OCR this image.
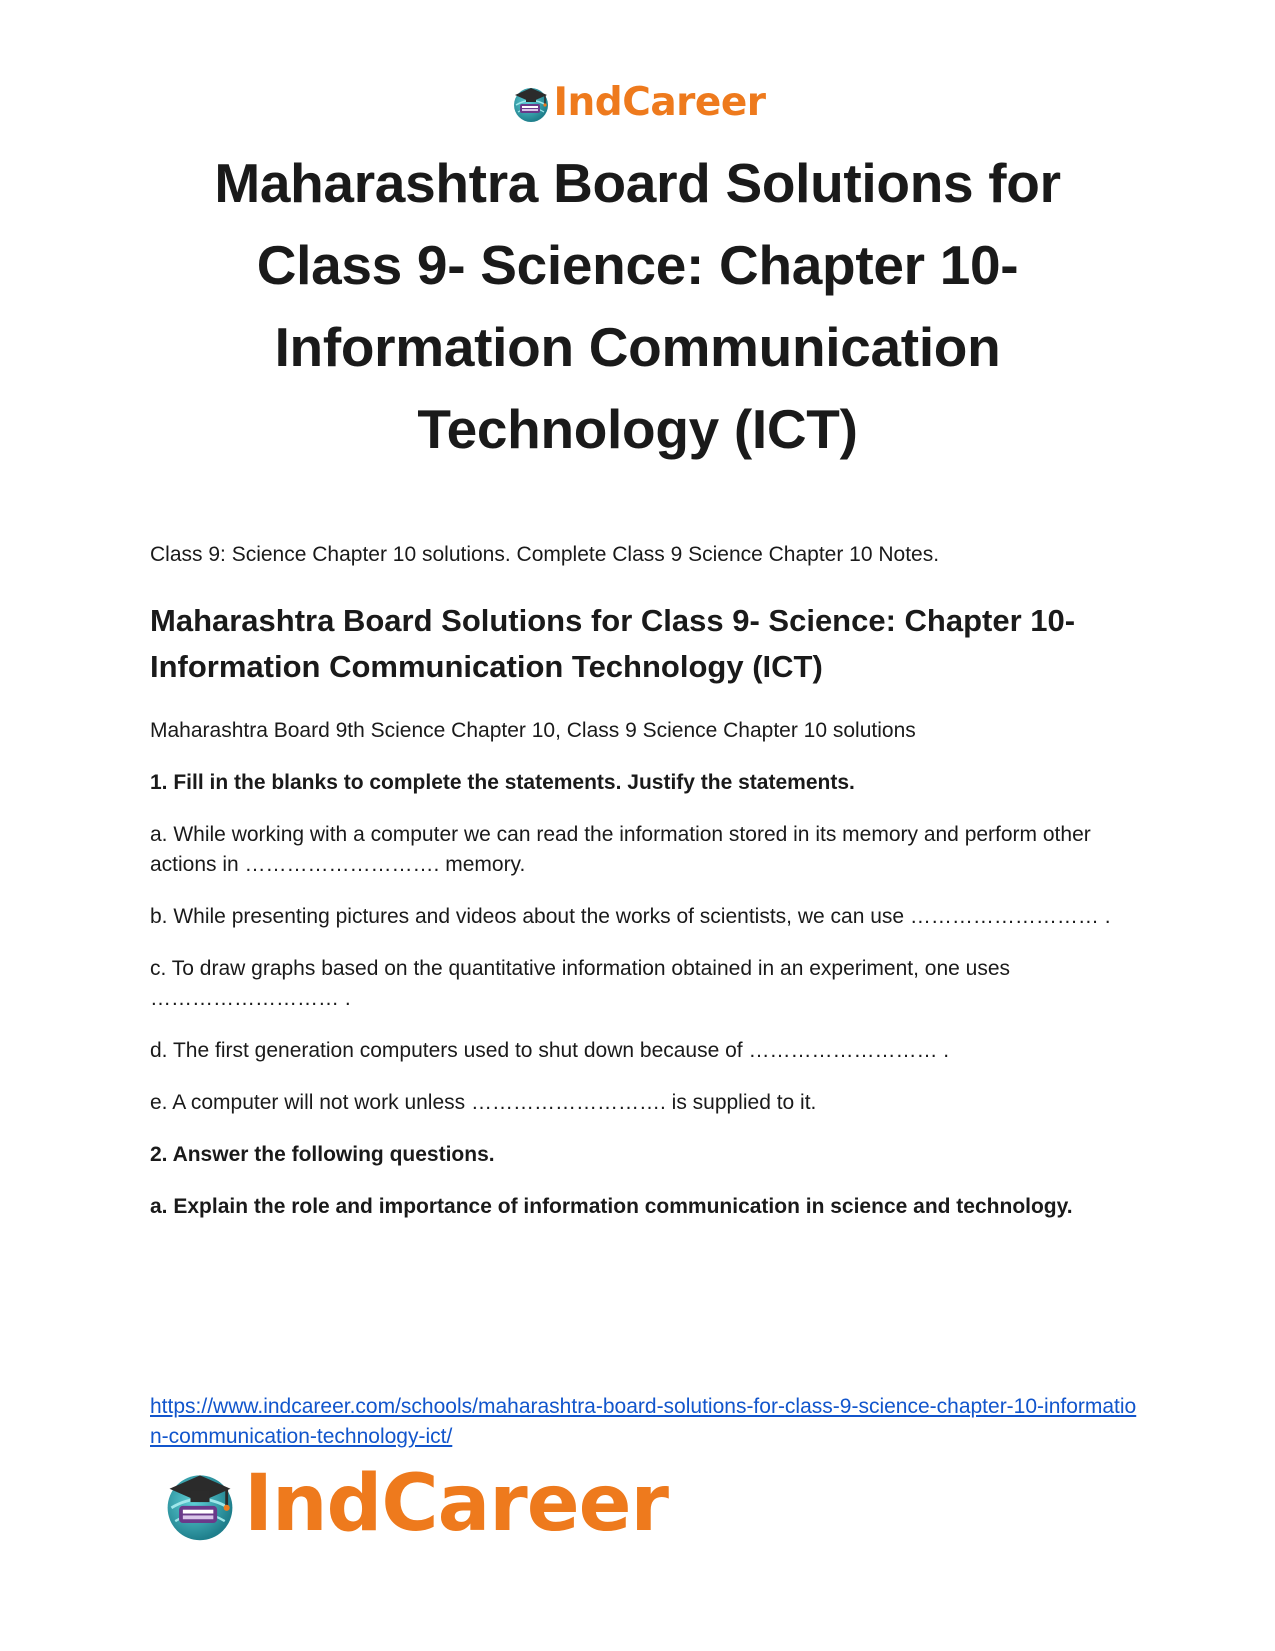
IndCareer
Maharashtra Board Solutions for
Class 9- Science: Chapter 10-
Information Communication
Technology (ICT)

Class 9: Science Chapter 10 solutions. Complete Class 9 Science Chapter 10 Notes.

Maharashtra Board Solutions for Class 9- Science: Chapter 10- Information Communication Technology (ICT)

Maharashtra Board 9th Science Chapter 10, Class 9 Science Chapter 10 solutions

1. Fill in the blanks to complete the statements. Justify the statements.

a. While working with a computer we can read the information stored in its memory and perform other actions in ………………………. memory.

b. While presenting pictures and videos about the works of scientists, we can use ……………………… .

c. To draw graphs based on the quantitative information obtained in an experiment, one uses ……………………… .

d. The first generation computers used to shut down because of ……………………… .

e. A computer will not work unless ………………………. is supplied to it.

2. Answer the following questions.

a. Explain the role and importance of information communication in science and technology.

https://www.indcareer.com/schools/maharashtra-board-solutions-for-class-9-science-chapter-10-information-communication-technology-ict/
IndCareer
